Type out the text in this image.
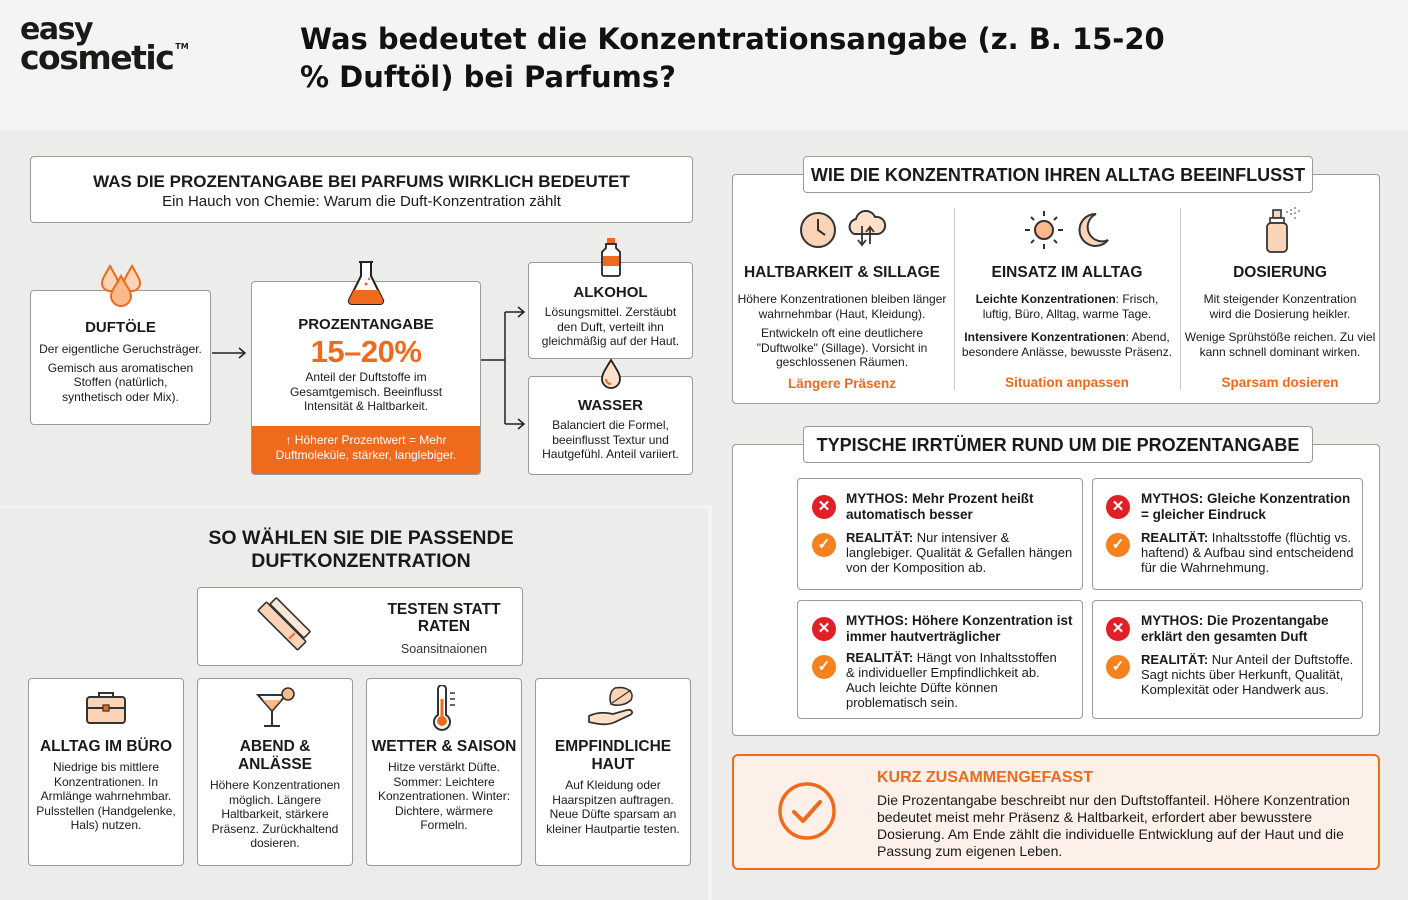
easy
cosmetic ™	Was bedeutet die Konzentrationsangabe (z. B. 15-20 % Duftöl) bei Parfums?
WAS DIE PROZENTANGABE BEI PARFUMS WIRKLICH BEDEUTET
Ein Hauch von Chemie: Warum die Duft-Konzentration zählt
DUFTÖLE
Der eigentliche Geruchsträger.
Gemisch aus aromatischen Stoffen (natürlich, synthetisch oder Mix).
PROZENTANGABE
15–20%
Anteil der Duftstoffe im Gesamtgemisch. Beeinflusst Intensität & Haltbarkeit.
↑ Höherer Prozentwert = Mehr Duftmoleküle, stärker, langlebiger.
ALKOHOL
Lösungsmittel. Zerstäubt den Duft, verteilt ihn gleichmäßig auf der Haut.
WASSER
Balanciert die Formel, beeinflusst Textur und Hautgefühl. Anteil variiert.
SO WÄHLEN SIE DIE PASSENDE DUFTKONZENTRATION
TESTEN STATT RATEN
Soansitnaionen
ALLTAG IM BÜRO
Niedrige bis mittlere Konzentrationen. In Armlänge wahrnehmbar. Pulsstellen (Handgelenke, Hals) nutzen.
ABEND & ANLÄSSE
Höhere Konzentrationen möglich. Längere Haltbarkeit, stärkere Präsenz. Zurückhaltend dosieren.
WETTER & SAISON
Hitze verstärkt Düfte. Sommer: Leichtere Konzentrationen. Winter: Dichtere, wärmere Formeln.
EMPFINDLICHE HAUT
Auf Kleidung oder Haarspitzen auftragen. Neue Düfte sparsam an kleiner Hautpartie testen.
WIE DIE KONZENTRATION IHREN ALLTAG BEEINFLUSST
HALTBARKEIT & SILLAGE
Höhere Konzentrationen bleiben länger wahrnehmbar (Haut, Kleidung).
Entwickeln oft eine deutlichere "Duftwolke" (Sillage). Vorsicht in geschlossenen Räumen.
Längere Präsenz
EINSATZ IM ALLTAG
Leichte Konzentrationen: Frisch, luftig, Büro, Alltag, warme Tage.
Intensivere Konzentrationen: Abend, besondere Anlässe, bewusste Präsenz.
Situation anpassen
DOSIERUNG
Mit steigender Konzentration wird die Dosierung heikler.
Wenige Sprühstöße reichen. Zu viel kann schnell dominant wirken.
Sparsam dosieren
TYPISCHE IRRTÜMER RUND UM DIE PROZENTANGABE
✕	MYTHOS: Mehr Prozent heißt automatisch besser
✓	REALITÄT: Nur intensiver & langlebiger. Qualität & Gefallen hängen von der Komposition ab.
✕	MYTHOS: Gleiche Konzentration = gleicher Eindruck
✓	REALITÄT: Inhaltsstoffe (flüchtig vs. haftend) & Aufbau sind entscheidend für die Wahrnehmung.
✕	MYTHOS: Höhere Konzentration ist immer hautverträglicher
✓
REALITÄT: Hängt von Inhaltsstoffen & individueller Empfindlichkeit ab. Auch leichte Düfte können problematisch sein.
✕	MYTHOS: Die Prozentangabe erklärt den gesamten Duft
✓	REALITÄT: Nur Anteil der Duftstoffe. Sagt nichts über Herkunft, Qualität, Komplexität oder Handwerk aus.
KURZ ZUSAMMENGEFASST
Die Prozentangabe beschreibt nur den Duftstoffanteil. Höhere Konzentration bedeutet meist mehr Präsenz & Haltbarkeit, erfordert aber bewusstere Dosierung. Am Ende zählt die individuelle Entwicklung auf der Haut und die Passung zum eigenen Leben.
